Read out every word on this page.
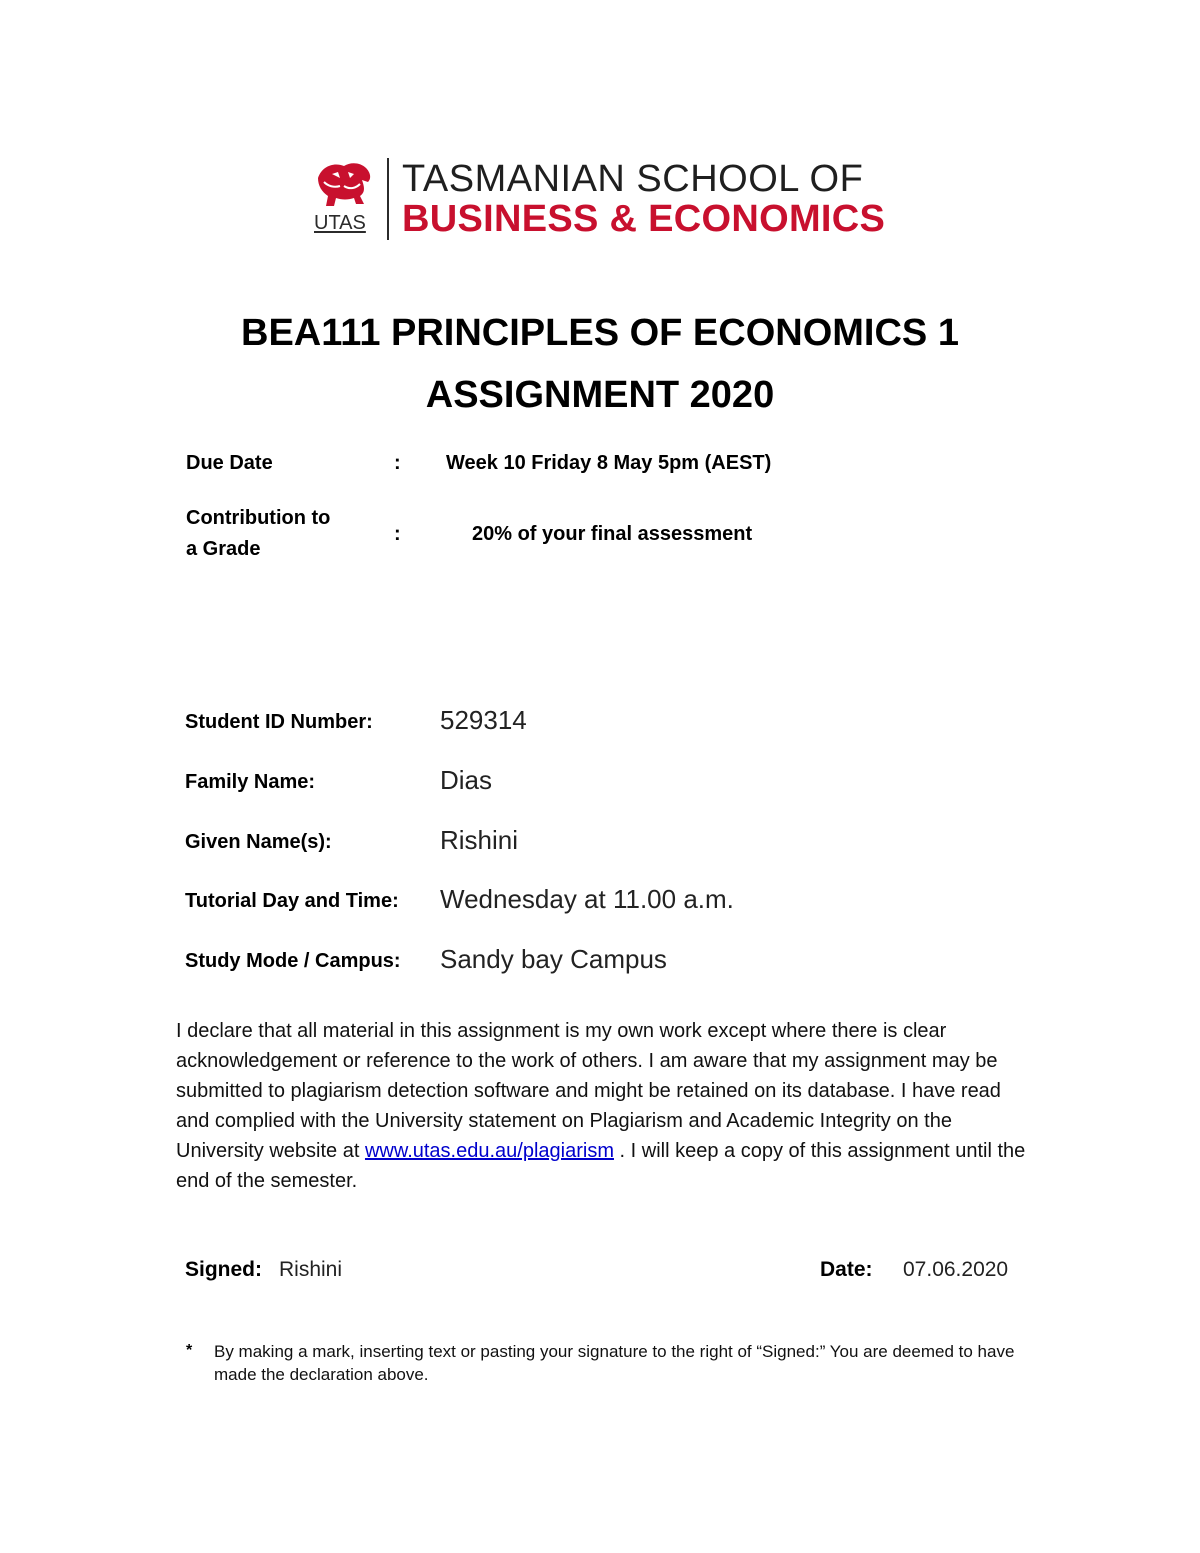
UTAS
TASMANIAN SCHOOL OF
BUSINESS & ECONOMICS
BEA111 PRINCIPLES OF ECONOMICS 1
ASSIGNMENT 2020
Due Date	: Week 10 Friday 8 May 5pm (AEST)
Contribution to
a Grade
:	20% of your final assessment
Student ID Number:	529314
Family Name:	Dias
Given Name(s):	Rishini
Tutorial Day and Time: Wednesday at 11.00 a.m.
Study Mode / Campus: Sandy bay Campus
I declare that all material in this assignment is my own work except where there is clear acknowledgement or reference to the work of others. I am aware that my assignment may be submitted to plagiarism detection software and might be retained on its database. I have read and complied with the University statement on Plagiarism and Academic Integrity on the University website at www.utas.edu.au/plagiarism . I will keep a copy of this assignment until the end of the semester.
Signed: Rishini	Date: 07.06.2020
* By making a mark, inserting text or pasting your signature to the right of “Signed:” You are deemed to have made the declaration above.
